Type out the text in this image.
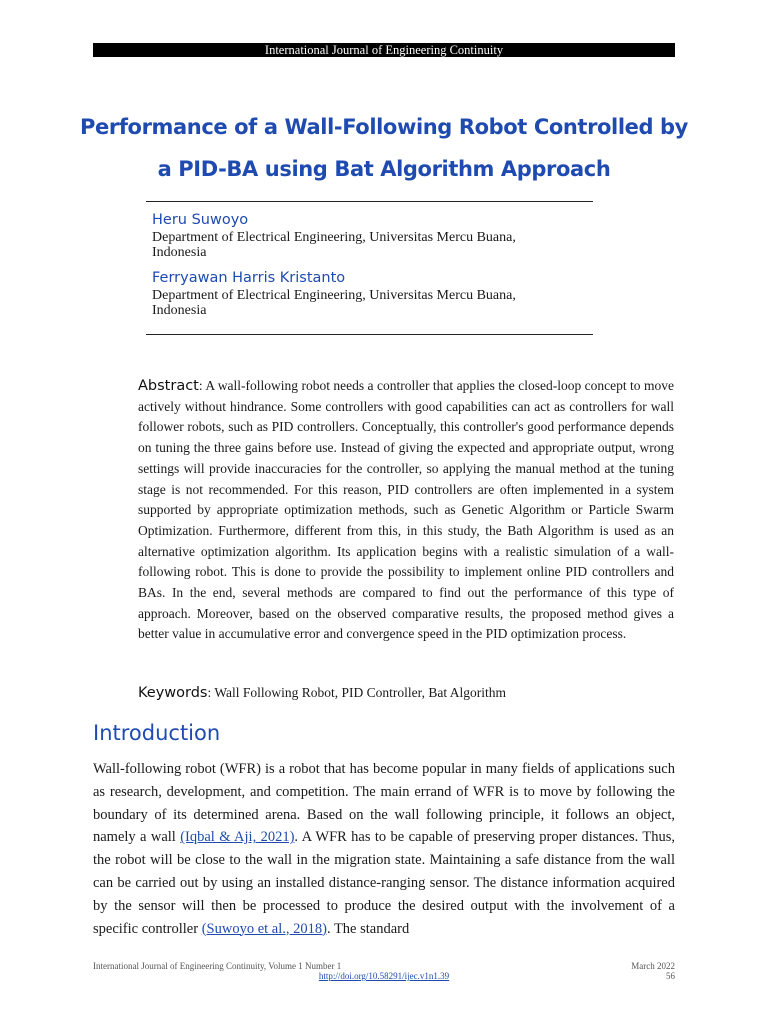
International Journal of Engineering Continuity
Performance of a Wall-Following Robot Controlled by
a PID-BA using Bat Algorithm Approach
Heru Suwoyo
Department of Electrical Engineering, Universitas Mercu Buana,
Indonesia
Ferryawan Harris Kristanto
Department of Electrical Engineering, Universitas Mercu Buana,
Indonesia

Abstract: A wall-following robot needs a controller that applies the closed-loop concept to move actively without hindrance. Some controllers with good capabilities can act as controllers for wall follower robots, such as PID controllers. Conceptually, this controller's good performance depends on tuning the three gains before use. Instead of giving the expected and appropriate output, wrong settings will provide inaccuracies for the controller, so applying the manual method at the tuning stage is not recommended. For this reason, PID controllers are often implemented in a system supported by appropriate optimization methods, such as Genetic Algorithm or Particle Swarm Optimization. Furthermore, different from this, in this study, the Bath Algorithm is used as an alternative optimization algorithm. Its application begins with a realistic simulation of a wall-following robot. This is done to provide the possibility to implement online PID controllers and BAs. In the end, several methods are compared to find out the performance of this type of approach. Moreover, based on the observed comparative results, the proposed method gives a better value in accumulative error and convergence speed in the PID optimization process.

Keywords: Wall Following Robot, PID Controller, Bat Algorithm

Introduction

Wall-following robot (WFR) is a robot that has become popular in many fields of applications such as research, development, and competition. The main errand of WFR is to move by following the boundary of its determined arena. Based on the wall following principle, it follows an object, namely a wall (Iqbal & Aji, 2021). A WFR has to be capable of preserving proper distances. Thus, the robot will be close to the wall in the migration state. Maintaining a safe distance from the wall can be carried out by using an installed distance-ranging sensor. The distance information acquired by the sensor will then be processed to produce the desired output with the involvement of a specific controller (Suwoyo et al., 2018). The standard

International Journal of Engineering Continuity, Volume 1 Number 1	March 2022
http://doi.org/10.58291/ijec.v1n1.39	56
